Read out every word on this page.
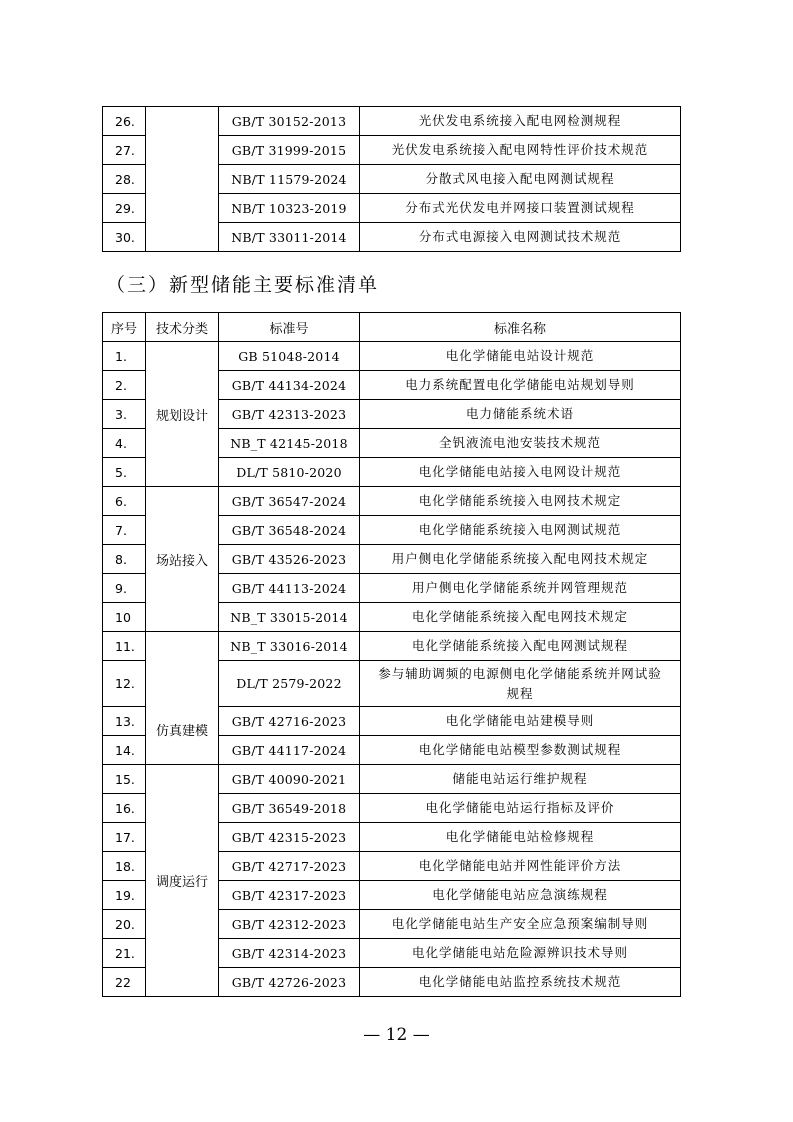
26.		GB/T 30152-2013	光伏发电系统接入配电网检测规程
27.		GB/T 31999-2015	光伏发电系统接入配电网特性评价技术规范
28.		NB/T 11579-2024	分散式风电接入配电网测试规程
29.		NB/T 10323-2019	分布式光伏发电并网接口装置测试规程
30.		NB/T 33011-2014	分布式电源接入电网测试技术规范
（三）新型储能主要标准清单
序号	技术分类	标准号	标准名称
1.	规划设计	GB 51048-2014	电化学储能电站设计规范
2.		GB/T 44134-2024	电力系统配置电化学储能电站规划导则
3.		GB/T 42313-2023	电力储能系统术语
4.		NB_T 42145-2018	全钒液流电池安装技术规范
5.		DL/T 5810-2020	电化学储能电站接入电网设计规范
6.	场站接入	GB/T 36547-2024	电化学储能系统接入电网技术规定
7.		GB/T 36548-2024	电化学储能系统接入电网测试规范
8.		GB/T 43526-2023	用户侧电化学储能系统接入配电网技术规定
9.		GB/T 44113-2024	用户侧电化学储能系统并网管理规范
10		NB_T 33015-2014	电化学储能系统接入配电网技术规定
11.	仿真建模	NB_T 33016-2014	电化学储能系统接入配电网测试规程
12.		DL/T 2579-2022	参与辅助调频的电源侧电化学储能系统并网试验规程
13.		GB/T 42716-2023	电化学储能电站建模导则
14.		GB/T 44117-2024	电化学储能电站模型参数测试规程
15.	调度运行	GB/T 40090-2021	储能电站运行维护规程
16.		GB/T 36549-2018	电化学储能电站运行指标及评价
17.		GB/T 42315-2023	电化学储能电站检修规程
18.		GB/T 42717-2023	电化学储能电站并网性能评价方法
19.		GB/T 42317-2023	电化学储能电站应急演练规程
20.		GB/T 42312-2023	电化学储能电站生产安全应急预案编制导则
21.		GB/T 42314-2023	电化学储能电站危险源辨识技术导则
22		GB/T 42726-2023	电化学储能电站监控系统技术规范
— 12 —
